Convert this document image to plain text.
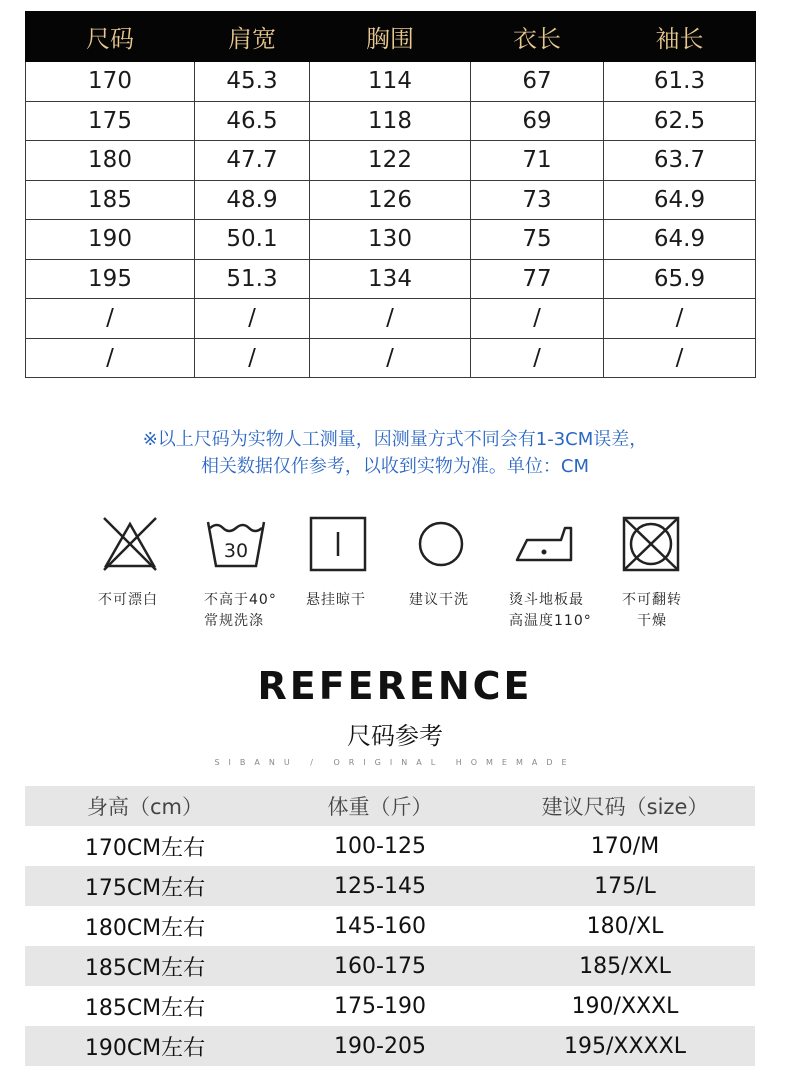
尺码	肩宽	胸围	衣长	袖长
170	45.3	114	67	61.3
175	46.5	118	69	62.5
180	47.7	122	71	63.7
185	48.9	126	73	64.9
190	50.1	130	75	64.9
195	51.3	134	77	65.9
/	/	/	/	/
/	/	/	/	/
※以上尺码为实物人工测量，因测量方式不同会有1-3CM误差，
相关数据仅作参考，以收到实物为准。单位：CM
不可漂白
30
不高于40°
常规洗涤
悬挂晾干	建议干洗	烫斗地板最
高温度110°
不可翻转
干燥
REFERENCE
尺码参考
SIBANU / ORIGINAL HOMEMADE
身高（cm）	体重（斤）	建议尺码（size）
170CM左右	100-125	170/M
175CM左右	125-145	175/L
180CM左右	145-160	180/XL
185CM左右	160-175	185/XXL
185CM左右	175-190	190/XXXL
190CM左右	190-205	195/XXXXL
